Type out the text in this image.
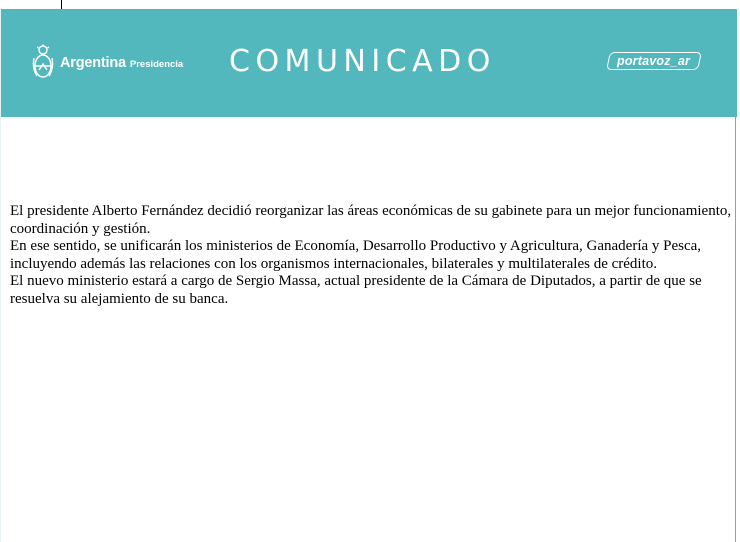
Argentina Presidencia COMUNICADO	portavoz_ar

El presidente Alberto Fernández decidió reorganizar las áreas económicas de su gabinete para un mejor funcionamiento, coordinación y gestión.

En ese sentido, se unificarán los ministerios de Economía, Desarrollo Productivo y Agricultura, Ganadería y Pesca, incluyendo además las relaciones con los organismos internacionales, bilaterales y multilaterales de crédito.

El nuevo ministerio estará a cargo de Sergio Massa, actual presidente de la Cámara de Diputados, a partir de que se resuelva su alejamiento de su banca.
